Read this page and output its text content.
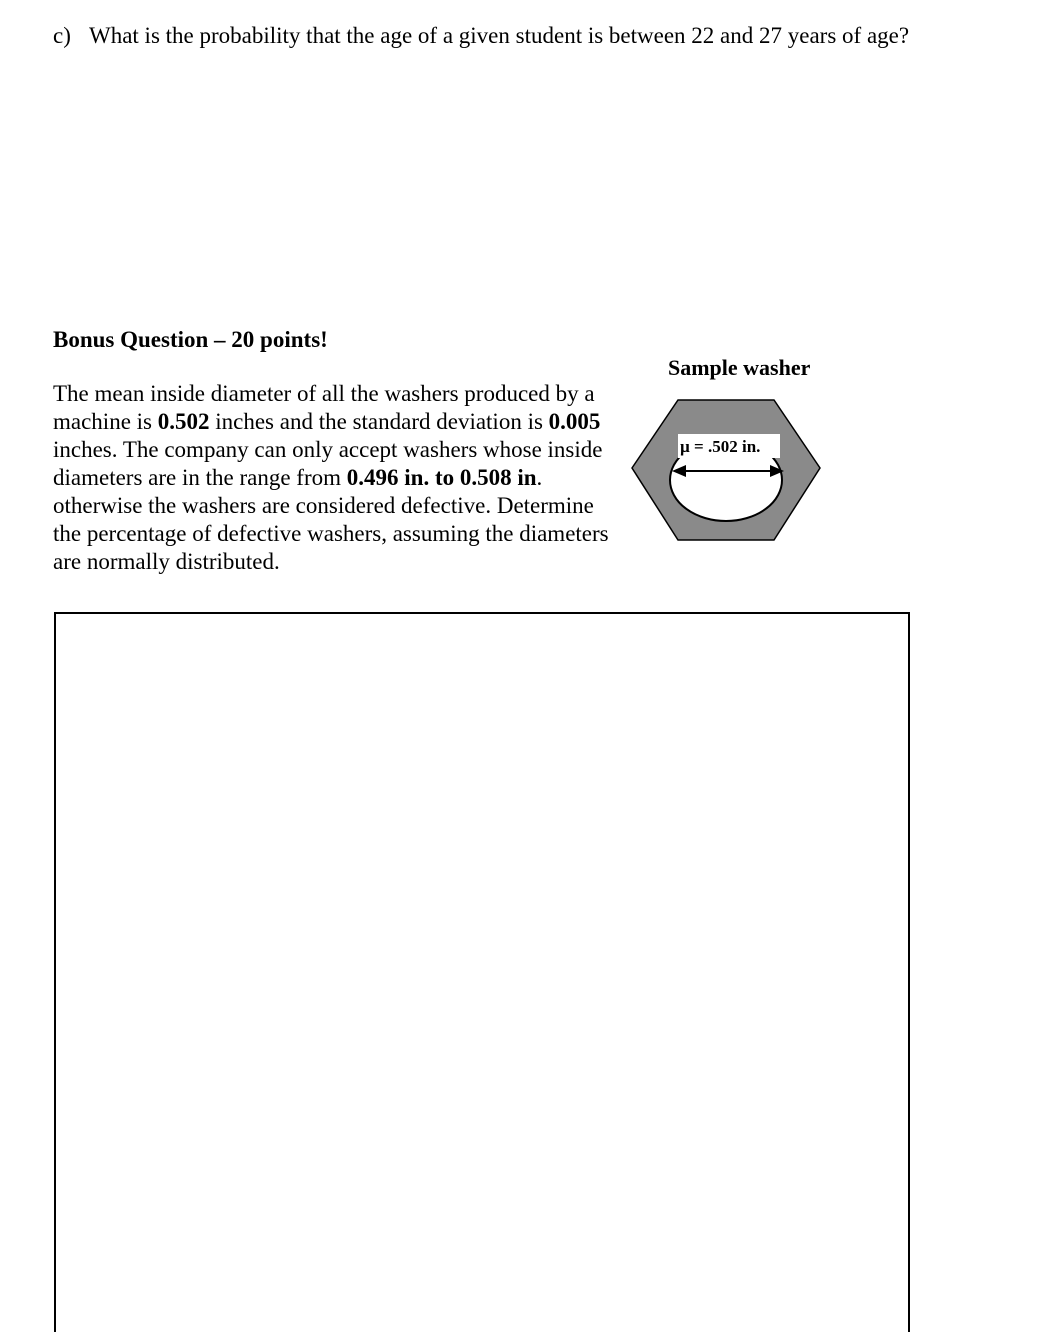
c) What is the probability that the age of a given student is between 22 and 27 years of age?
Bonus Question – 20 points!
The mean inside diameter of all the washers produced by a machine is 0.502 inches and the standard deviation is 0.005 inches. The company can only accept washers whose inside diameters are in the range from 0.496 in. to 0.508 in. otherwise the washers are considered defective. Determine the percentage of defective washers, assuming the diameters are normally distributed.
Sample washer
µ = .502 in.
